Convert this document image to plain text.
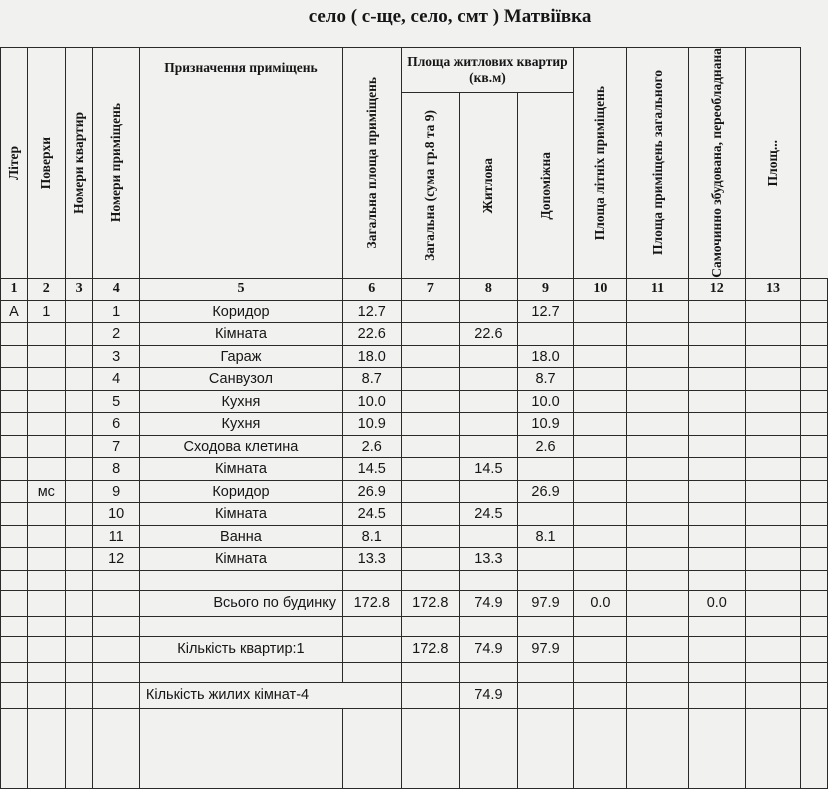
село ( с-ще, село, смт ) Матвіївка
Літер	Поверхи	Номери квартир	Номери приміщень	Призначення приміщень	Загальна площа приміщень	Площа житлових квартир (кв.м)			Площа літніх приміщень	Площа приміщень загального	Самочинно збудована, переобладнана	Площ...	

						Загальна (сума гр.8 та 9)	Житлова	Допоміжна					

1	2	3	4	5	6	7	8	9	10	11	12	13	
А	1		1	Коридор	12.7			12.7					
			2	Кімната	22.6		22.6						
			3	Гараж	18.0			18.0					
			4	Санвузол	8.7			8.7					
			5	Кухня	10.0			10.0					
			6	Кухня	10.9			10.9					
			7	Сходова клетина	2.6			2.6					
			8	Кімната	14.5		14.5						
	мс		9	Коридор	26.9			26.9					
			10	Кімната	24.5		24.5						
			11	Ванна	8.1			8.1					
			12	Кімната	13.3		13.3						

				Всього по будинку	172.8	172.8	74.9	97.9	0.0		0.0		

				Кількість квартир:1		172.8	74.9	97.9					

				Кількість жилих кімнат-4			74.9						
